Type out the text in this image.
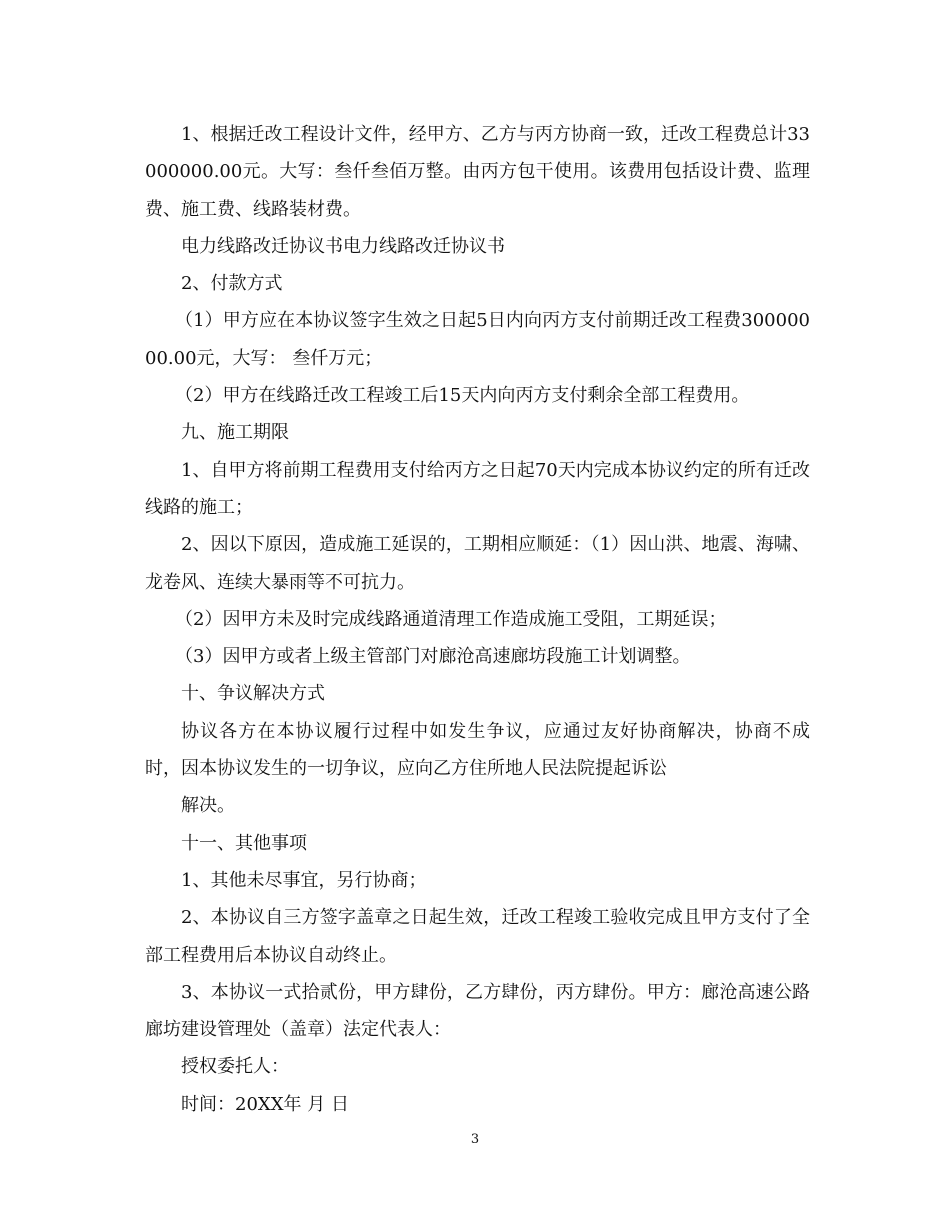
1、根据迁改工程设计文件，经甲方、乙方与丙方协商一致，迁改工程费总计33000000.00元。大写：叁仟叁佰万整。由丙方包干使用。该费用包括设计费、监理费、施工费、线路装材费。

电力线路改迁协议书电力线路改迁协议书

2、付款方式

（1）甲方应在本协议签字生效之日起5日内向丙方支付前期迁改工程费30000000.00元，大写： 叁仟万元；

（2）甲方在线路迁改工程竣工后15天内向丙方支付剩余全部工程费用。

九、施工期限

1、自甲方将前期工程费用支付给丙方之日起70天内完成本协议约定的所有迁改线路的施工；

2、因以下原因，造成施工延误的，工期相应顺延：（1）因山洪、地震、海啸、龙卷风、连续大暴雨等不可抗力。

（2）因甲方未及时完成线路通道清理工作造成施工受阻，工期延误；

（3）因甲方或者上级主管部门对廊沧高速廊坊段施工计划调整。

十、争议解决方式

协议各方在本协议履行过程中如发生争议，应通过友好协商解决，协商不成时，因本协议发生的一切争议，应向乙方住所地人民法院提起诉讼

解决。

十一、其他事项

1、其他未尽事宜，另行协商；

2、本协议自三方签字盖章之日起生效，迁改工程竣工验收完成且甲方支付了全部工程费用后本协议自动终止。

3、本协议一式拾贰份，甲方肆份，乙方肆份，丙方肆份。甲方：廊沧高速公路廊坊建设管理处（盖章）法定代表人：

授权委托人：

时间：20XX年 月 日

3
